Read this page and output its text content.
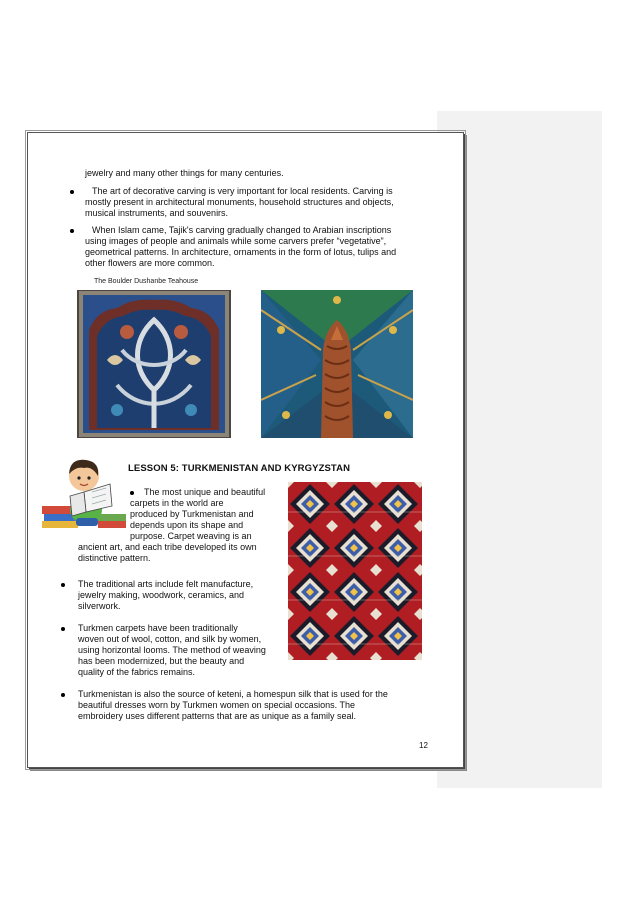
jewelry and many other things for many centuries.
The art of decorative carving is very important for local residents. Carving is
mostly present in architectural monuments, household structures and objects,
musical instruments, and souvenirs.
When Islam came, Tajik's carving gradually changed to Arabian inscriptions
using images of people and animals while some carvers prefer “vegetative”,
geometrical patterns. In architecture, ornaments in the form of lotus, tulips and
other flowers are more common.
The Boulder Dushanbe Teahouse
LESSON 5: TURKMENISTAN AND KYRGYZSTAN
The most unique and beautiful
carpets in the world are
produced by Turkmenistan and
depends upon its shape and
purpose. Carpet weaving is an
ancient art, and each tribe developed its own
distinctive pattern.
The traditional arts include felt manufacture,
jewelry making, woodwork, ceramics, and
silverwork.
Turkmen carpets have been traditionally
woven out of wool, cotton, and silk by women,
using horizontal looms. The method of weaving
has been modernized, but the beauty and
quality of the fabrics remains.
Turkmenistan is also the source of keteni, a homespun silk that is used for the
beautiful dresses worn by Turkmen women on special occasions. The
embroidery uses different patterns that are as unique as a family seal.
12
